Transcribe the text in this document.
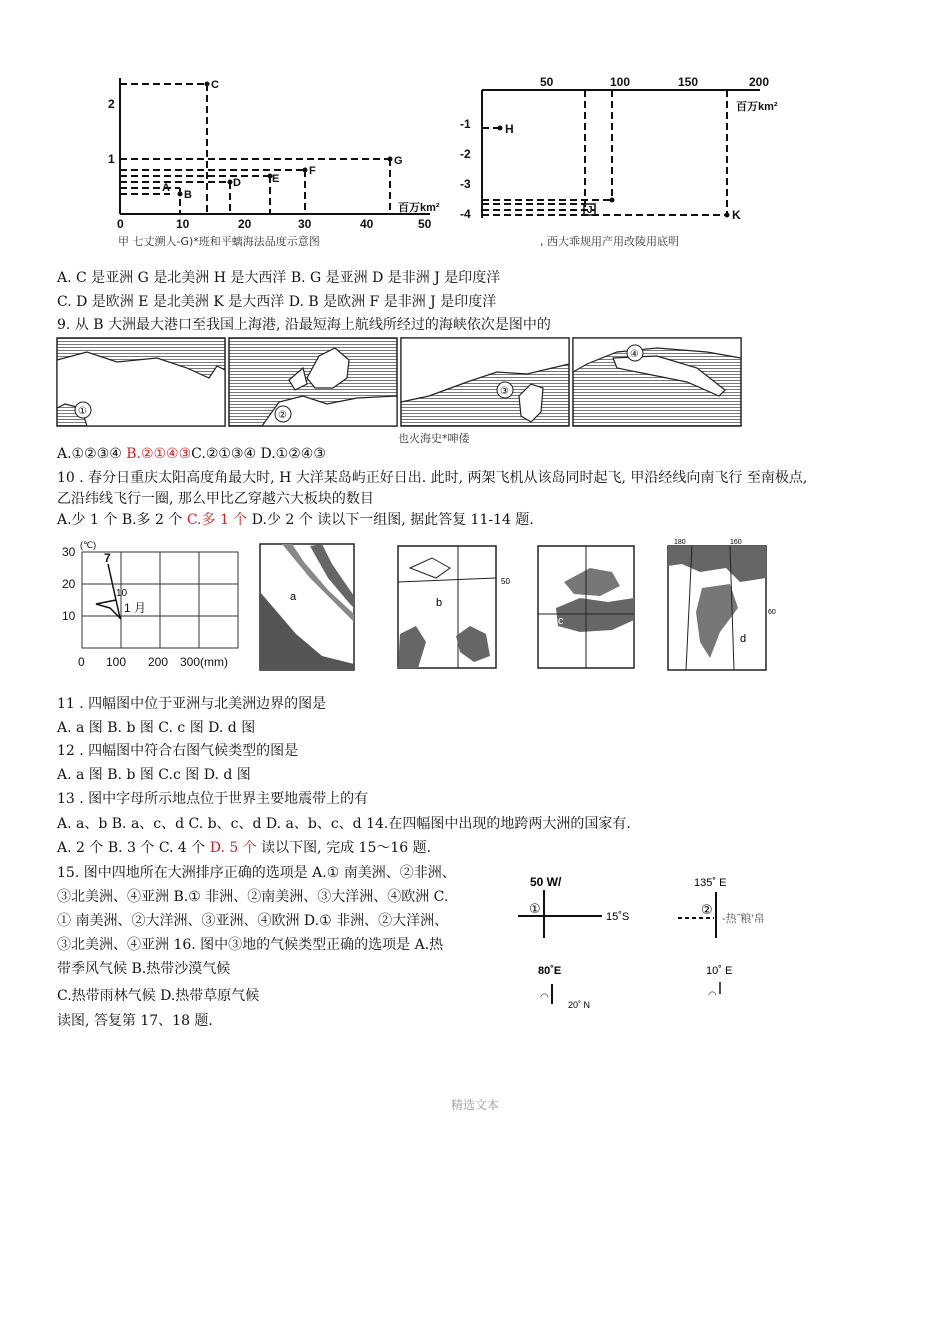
C
G
D	E
F
A
B
2
1
0	10	20	30	40	50
百万km²
H
J	K
50	100	150	200
-1
-2
-3
-4
百万km²
甲 七丈溯人-G)*班和平螭海法品度示意图	, 西大乖规用产用改陵用底明
A. C 是亚洲 G 是北美洲 H 是大西洋 B. G 是亚洲 D 是非洲 J 是印度洋
C. D 是欧洲 E 是北美洲 K 是大西洋 D. B 是欧洲 F 是非洲 J 是印度洋
9. 从 B 大洲最大港口至我国上海港, 沿最短海上航线所经过的海峡依次是图中的
①	②
③
④
也火海史*呻倭
A.①②③④ B.②①④③C.②①③④ D.①②④③
10 . 春分日重庆太阳高度角最大时, H 大洋某岛屿正好日出. 此时, 两架飞机从该岛同时起飞, 甲沿经线向南飞行 至南极点,
乙沿纬线飞行一圈, 那么甲比乙穿越六大板块的数目
A.少 1 个 B.多 2 个 C.多 1 个 D.少 2 个 读以下一组图, 据此答复 11-14 题.
(℃)
30
20
10
0 100 200 300(mm)
7
10
1 月
a
50
b
c
180	160
60
d
11 . 四幅图中位于亚洲与北美洲边界的图是
A. a 图 B. b 图 C. c 图 D. d 图
12 . 四幅图中符合右图气候类型的图是
A. a 图 B. b 图 C.c 图 D. d 图
13 . 图中字母所示地点位于世界主要地震带上的有
A. a、b B. a、c、d C. b、c、d D. a、b、c、d 14.在四幅图中出现的地跨两大洲的国家有.
A. 2 个 B. 3 个 C. 4 个 D. 5 个 读以下图, 完成 15〜16 题.
15. 图中四地所在大洲排序正确的选项是 A.① 南美洲、②非洲、
③北美洲、④亚洲 B.① 非洲、②南美洲、③大洋洲、④欧洲 C.
① 南美洲、②大洋洲、③亚洲、④欧洲 D.① 非洲、②大洋洲、
③北美洲、④亚洲 16. 图中③地的气候类型正确的选项是 A.热
带季风气候 B.热带沙漠气候
C.热带雨林气候 D.热带草原气候
读图, 答复第 17、18 题.
50 W/
①
15˚S
135˚ E
②
-热˝粮’帛
80˚E
◠
20˚ N
10˚ E
◠
精选文本
